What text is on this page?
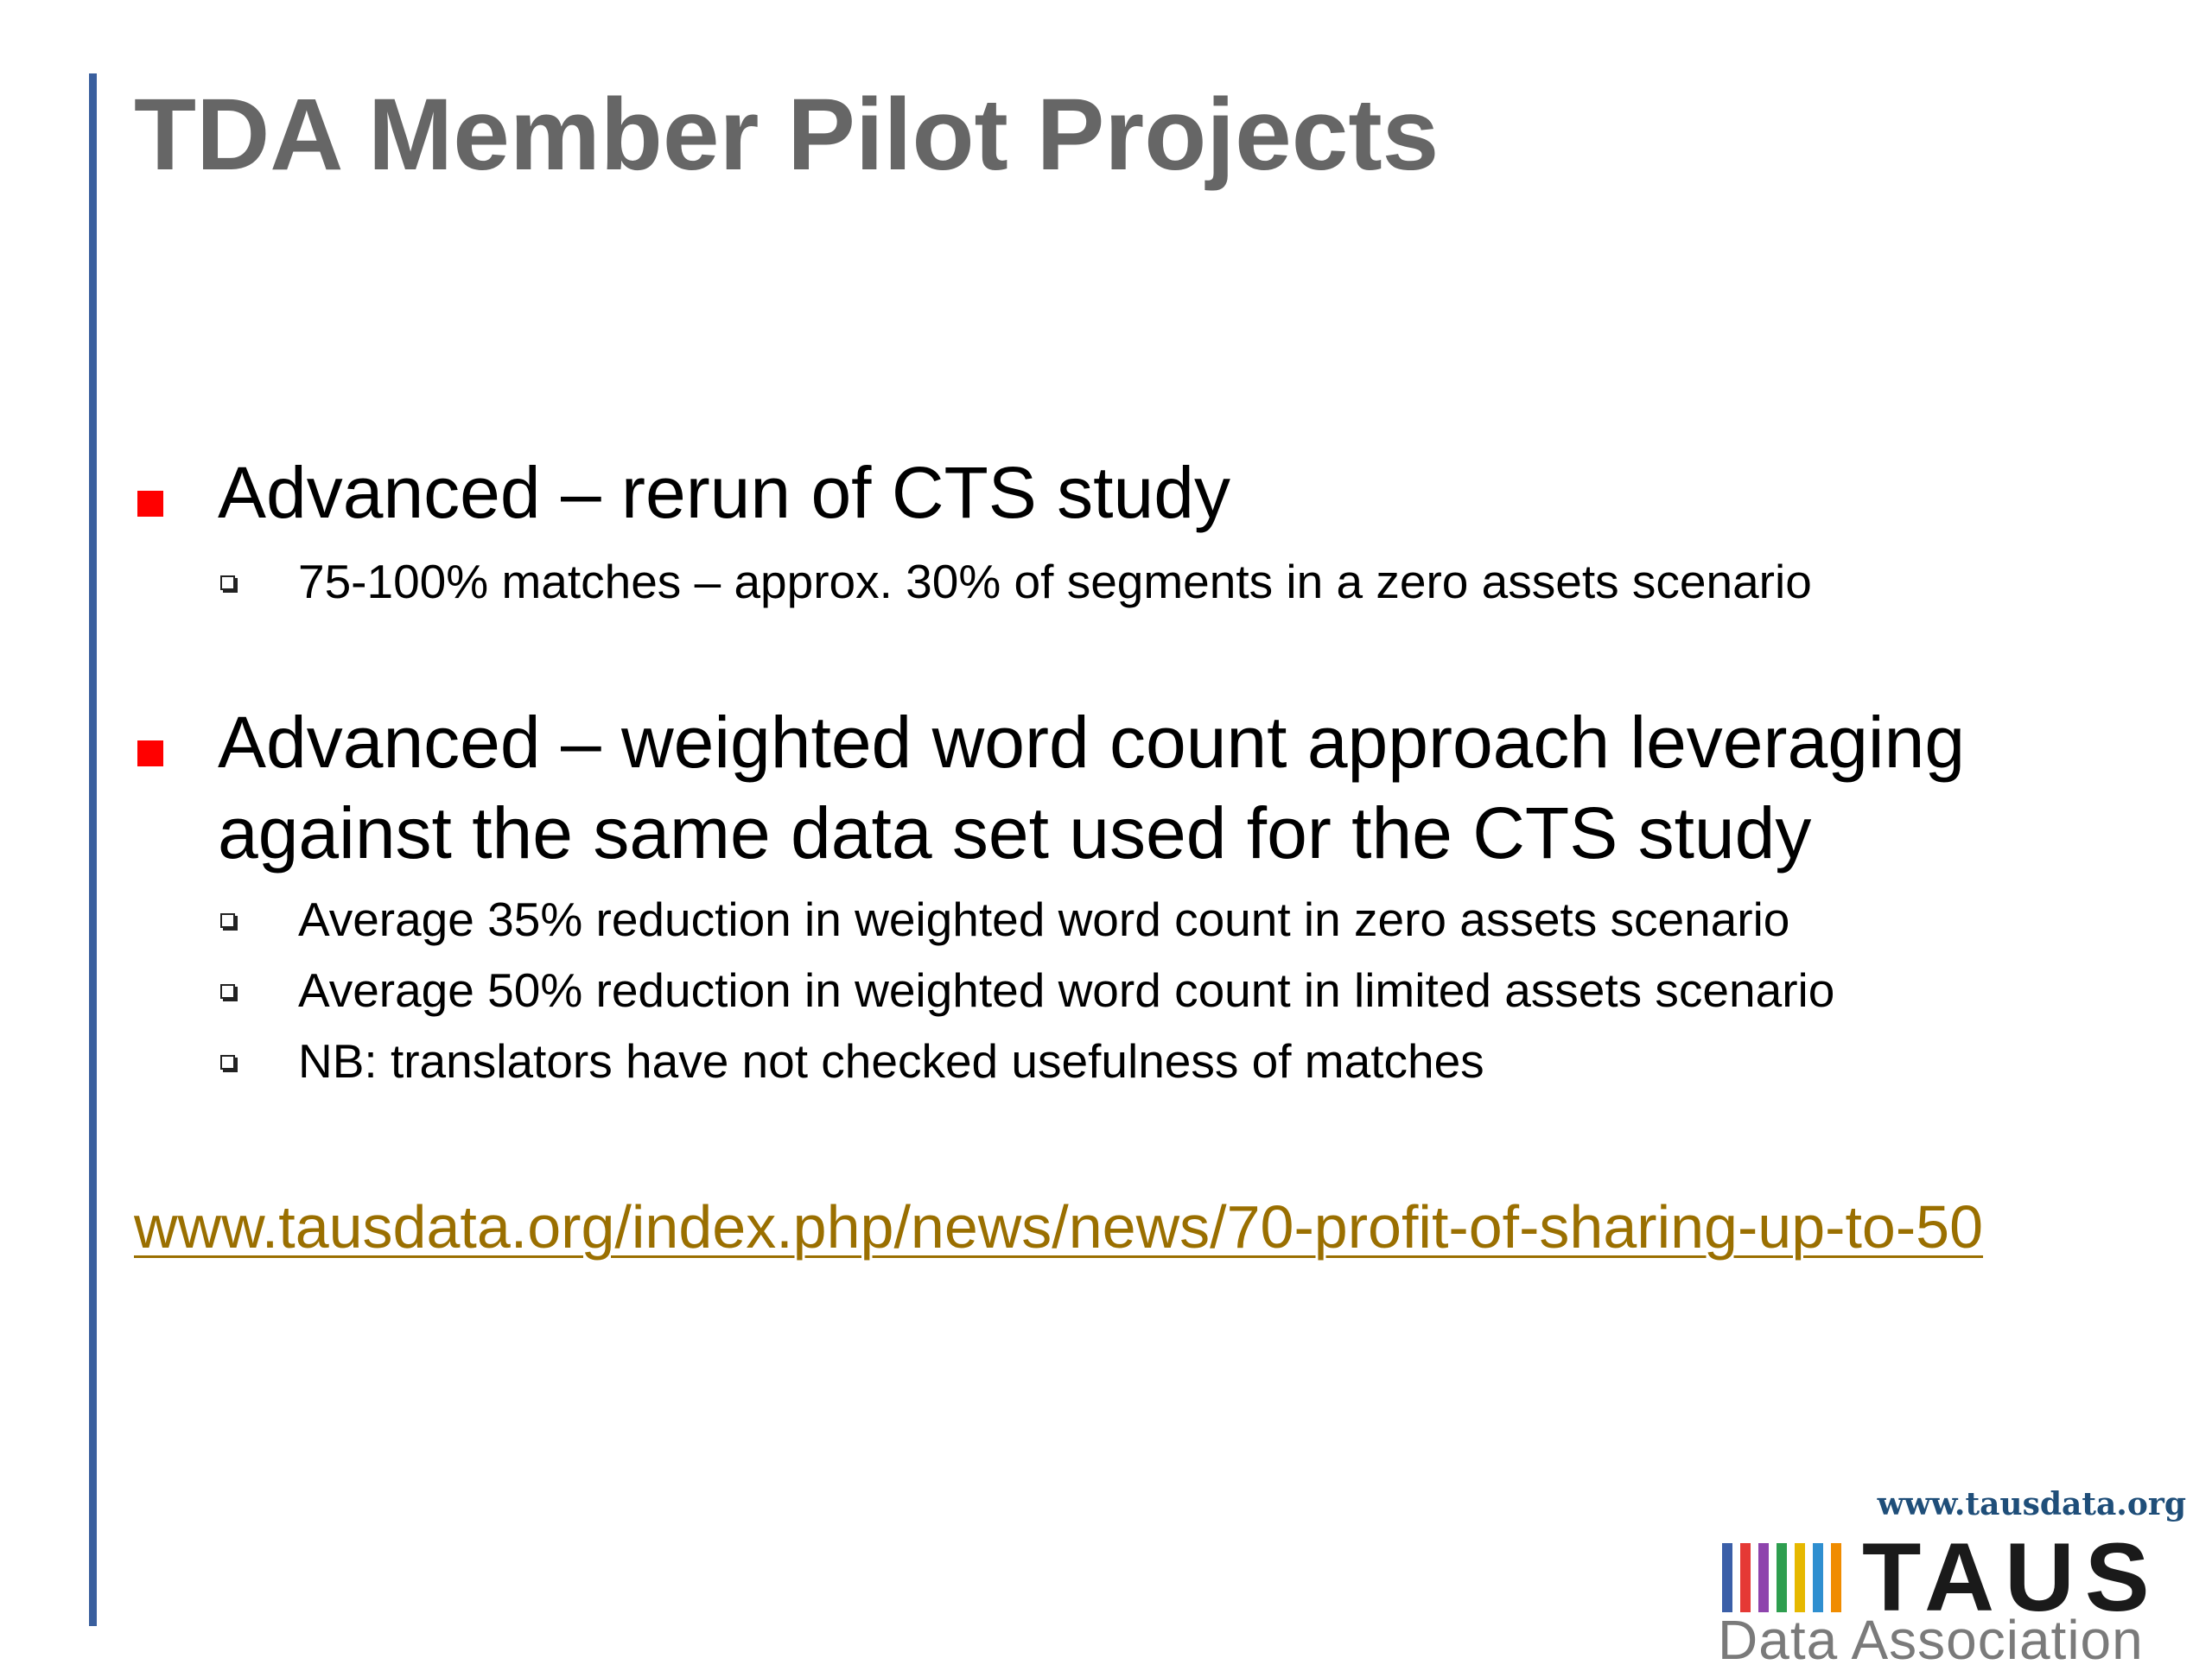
TDA Member Pilot Projects
Advanced – rerun of CTS study
75-100% matches – approx. 30% of segments in a zero assets scenario
Advanced – weighted word count approach leveraging
against the same data set used for the CTS study
Average 35% reduction in weighted word count in zero assets scenario
Average 50% reduction in weighted word count in limited assets scenario
NB: translators have not checked usefulness of matches
www.tausdata.org/index.php/news/news/70-profit-of-sharing-up-to-50
www.tausdata.org
TAUS
Data Association
